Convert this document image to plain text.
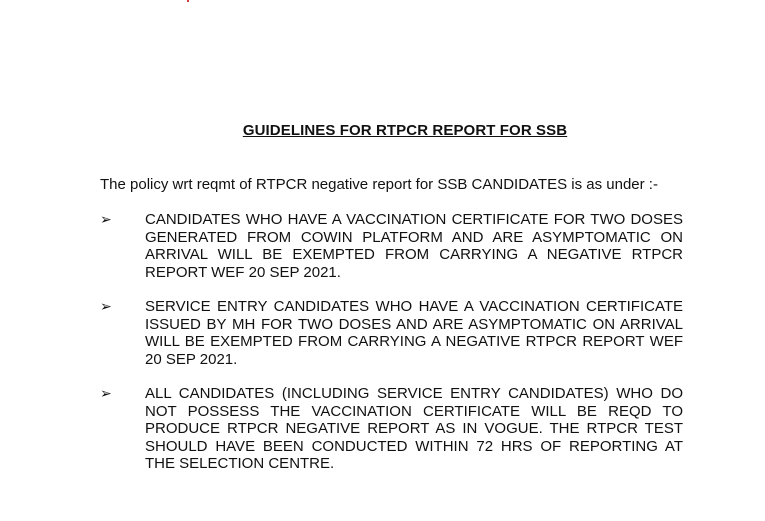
GUIDELINES FOR RTPCR REPORT FOR SSB
The policy wrt reqmt of RTPCR negative report for SSB CANDIDATES is as under :-
➢ CANDIDATES WHO HAVE A VACCINATION CERTIFICATE FOR TWO DOSES GENERATED FROM COWIN PLATFORM AND ARE ASYMPTOMATIC ON ARRIVAL WILL BE EXEMPTED FROM CARRYING A NEGATIVE RTPCR REPORT WEF 20 SEP 2021.
➢ SERVICE ENTRY CANDIDATES WHO HAVE A VACCINATION CERTIFICATE ISSUED BY MH FOR TWO DOSES AND ARE ASYMPTOMATIC ON ARRIVAL WILL BE EXEMPTED FROM CARRYING A NEGATIVE RTPCR REPORT WEF 20 SEP 2021.
➢ ALL CANDIDATES (INCLUDING SERVICE ENTRY CANDIDATES) WHO DO NOT POSSESS THE VACCINATION CERTIFICATE WILL BE REQD TO PRODUCE RTPCR NEGATIVE REPORT AS IN VOGUE. THE RTPCR TEST SHOULD HAVE BEEN CONDUCTED WITHIN 72 HRS OF REPORTING AT THE SELECTION CENTRE.
